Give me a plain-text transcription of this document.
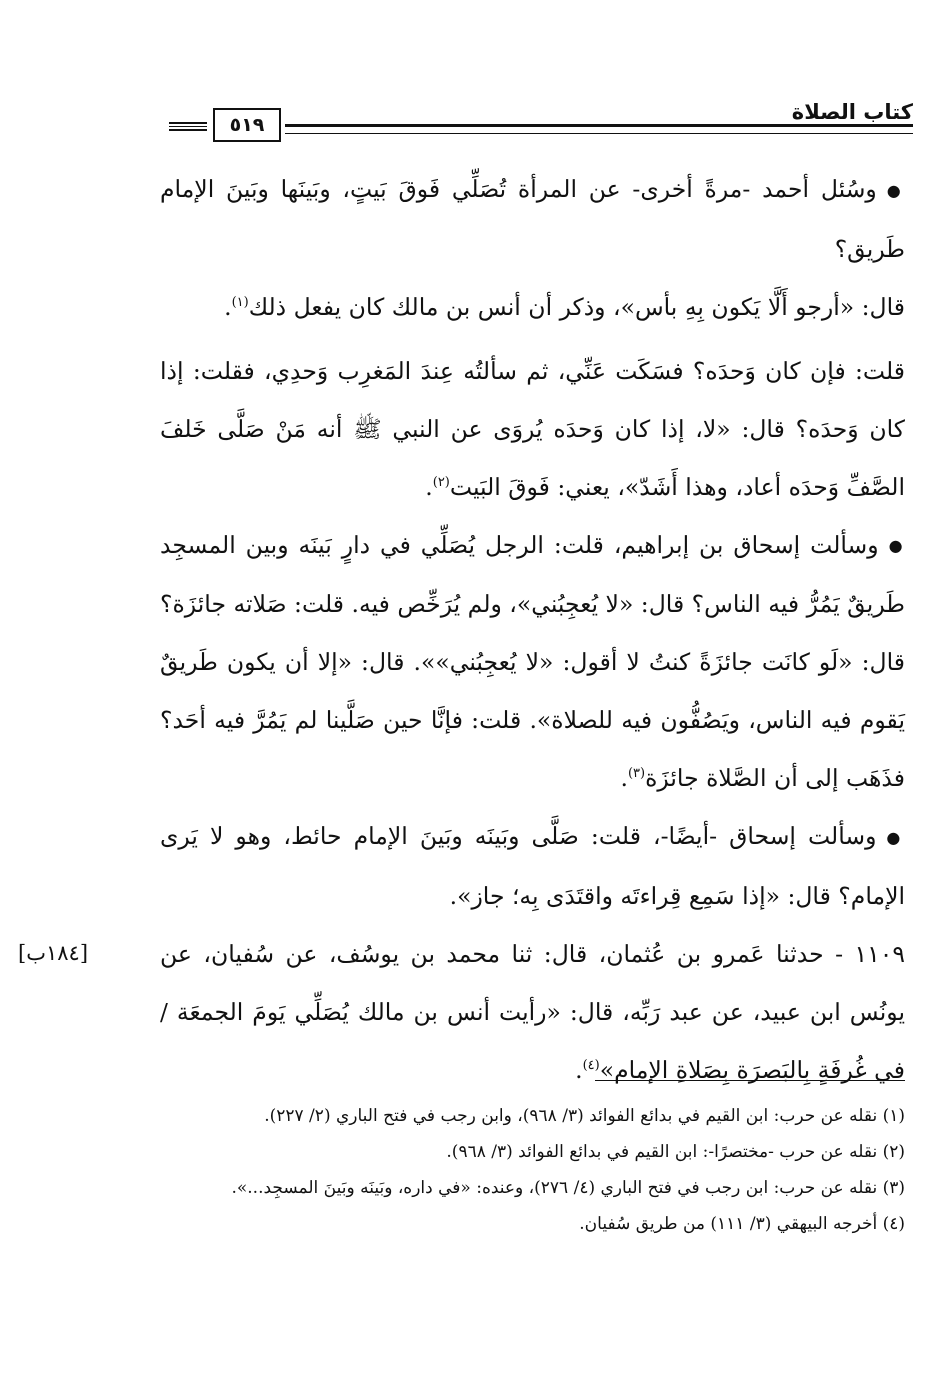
كتاب الصلاة
٥١٩

●وسُئل أحمد -مرةً أخرى- عن المرأة تُصَلِّي فَوقَ بَيتٍ، وبَينَها وبَينَ الإمام طَريق؟

قال: «أرجو أَلَّا يَكون بِهِ بأس»، وذكر أن أنس بن مالك كان يفعل ذلك$^{(١)}$.

قلت: فإن كان وَحدَه؟ فسَكَت عَنِّي، ثم سألتُه عِندَ المَغرِب وَحدِي، فقلت: إذا كان وَحدَه؟ قال: «لا، إذا كان وَحدَه يُروَى عن النبي ﷺ أنه مَنْ صَلَّى خَلفَ الصَّفِّ وَحدَه أعاد، وهذا أَشَدّ»، يعني: فَوقَ البَيت$^{(٢)}$.

●وسألت إسحاق بن إبراهيم، قلت: الرجل يُصَلِّي في دارٍ بَينَه وبين المسجِد طَريقٌ يَمُرُّ فيه الناس؟ قال: «لا يُعجِبُني»، ولم يُرَخِّص فيه. قلت: صَلاته جائزَة؟ قال: «لَو كانَت جائزَةً كنتُ لا أقول: «لا يُعجِبُني»». قال: «إلا أن يكون طَريقٌ يَقوم فيه الناس، ويَصُفُّون فيه للصلاة». قلت: فإنَّا حين صَلَّينا لم يَمُرَّ فيه أحَد؟ فذَهَب إلى أن الصَّلاة جائزَة$^{(٣)}$.

●وسألت إسحاق -أيضًا-، قلت: صَلَّى وبَينَه وبَينَ الإمام حائط، وهو لا يَرى الإمام؟ قال: «إذا سَمِع قِراءتَه واقتَدَى بِه؛ جاز».

١١٠٩ - حدثنا عَمرو بن عُثمان، قال: ثنا محمد بن يوسُف، عن سُفيان، عن يونُس ابن عبيد، عن عبد رَبِّه، قال: «رأيت أنس بن مالك يُصَلِّي يَومَ الجمعَة / في غُرفَةٍ بِالبَصرَة بِصَلاةِ الإمام»$^{(٤)}$.

[١٨٤ب]

(١) نقله عن حرب: ابن القيم في بدائع الفوائد (٣/ ٩٦٨)، وابن رجب في فتح الباري (٢/ ٢٢٧).

(٢) نقله عن حرب -مختصرًا-: ابن القيم في بدائع الفوائد (٣/ ٩٦٨).

(٣) نقله عن حرب: ابن رجب في فتح الباري (٤/ ٢٧٦)، وعنده: «في داره، وبَينَه وبَينَ المسجِد...».

(٤) أخرجه البيهقي (٣/ ١١١) من طريق سُفيان.
